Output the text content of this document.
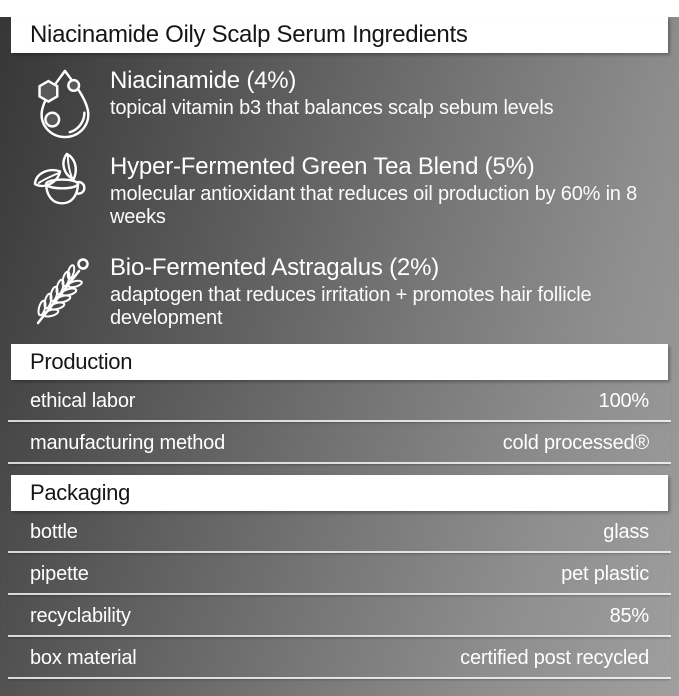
Niacinamide Oily Scalp Serum Ingredients

Niacinamide (4%)

topical vitamin b3 that balances scalp sebum levels

Hyper-Fermented Green Tea Blend (5%)

molecular antioxidant that reduces oil production by 60% in 8 weeks

Bio-Fermented Astragalus (2%)

adaptogen that reduces irritation + promotes hair follicle development

Production
ethical labor	100%
manufacturing method	cold processed®
Packaging
bottle	glass
pipette	pet plastic
recyclability	85%
box material	certified post recycled
